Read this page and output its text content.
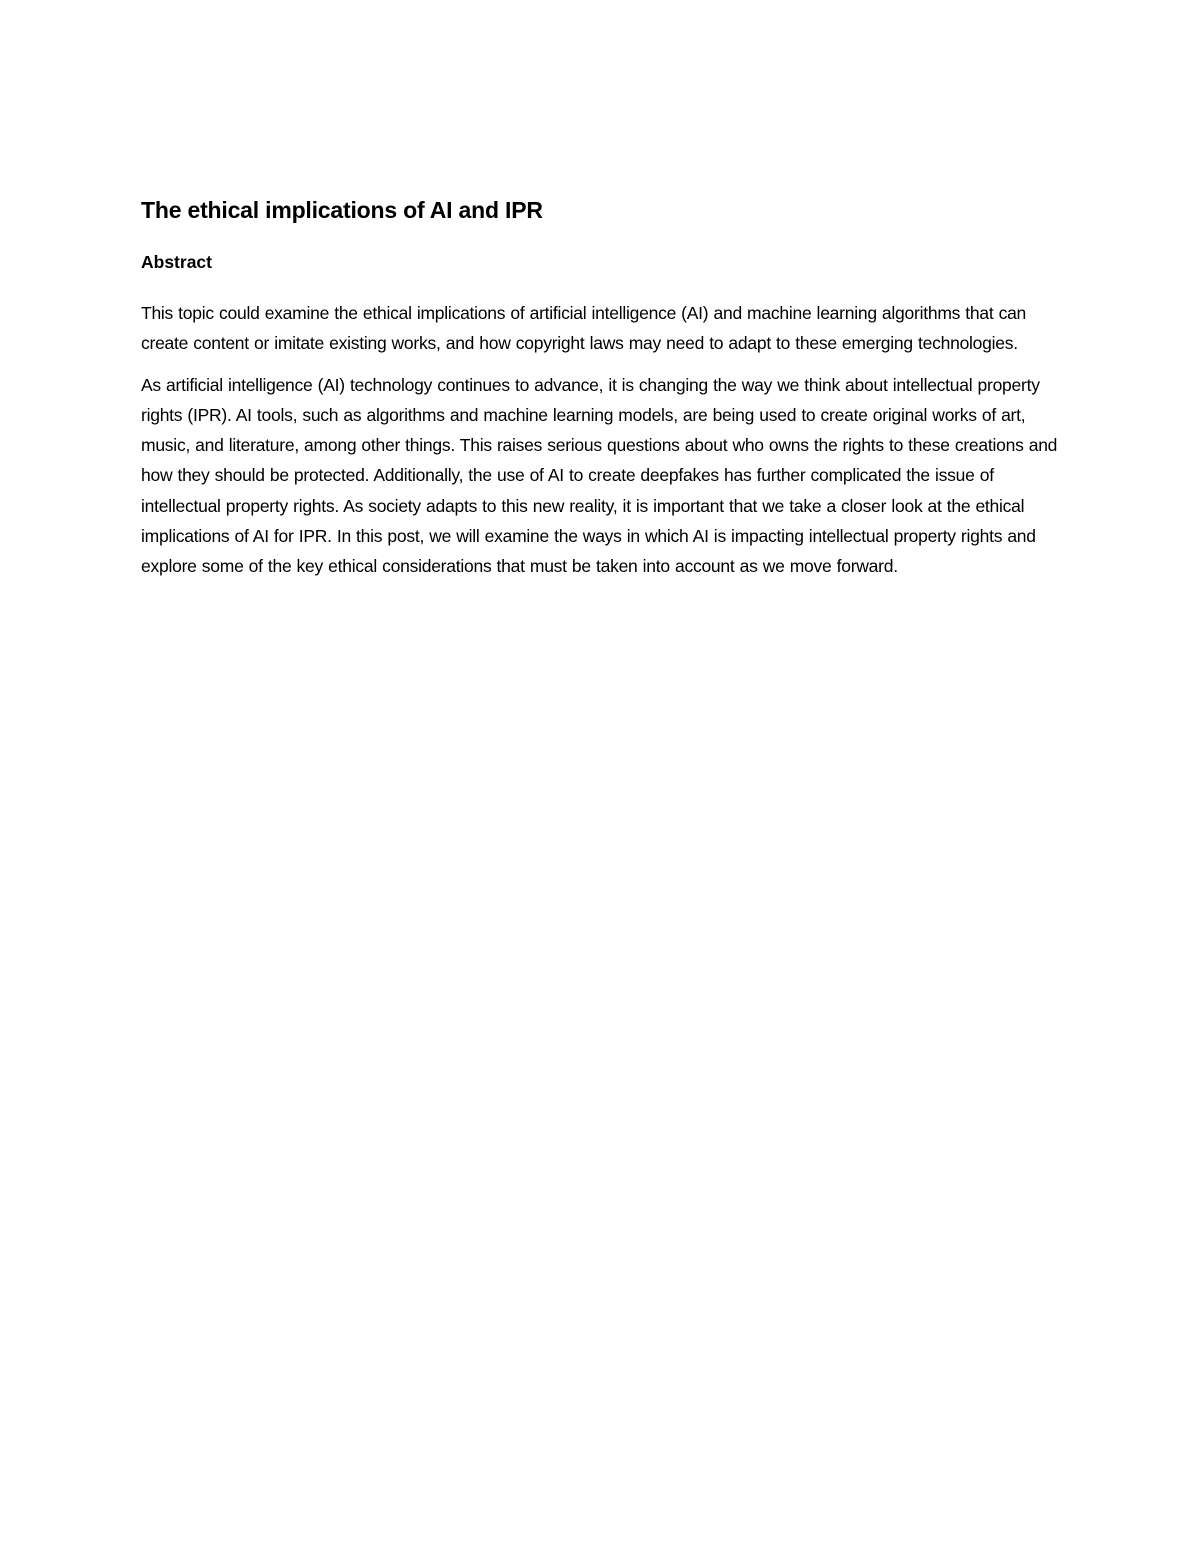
The ethical implications of AI and IPR
Abstract

This topic could examine the ethical implications of artificial intelligence (AI) and machine learning algorithms that can create content or imitate existing works, and how copyright laws may need to adapt to these emerging technologies.

As artificial intelligence (AI) technology continues to advance, it is changing the way we think about intellectual property rights (IPR). AI tools, such as algorithms and machine learning models, are being used to create original works of art, music, and literature, among other things. This raises serious questions about who owns the rights to these creations and how they should be protected. Additionally, the use of AI to create deepfakes has further complicated the issue of intellectual property rights. As society adapts to this new reality, it is important that we take a closer look at the ethical implications of AI for IPR. In this post, we will examine the ways in which AI is impacting intellectual property rights and explore some of the key ethical considerations that must be taken into account as we move forward.
